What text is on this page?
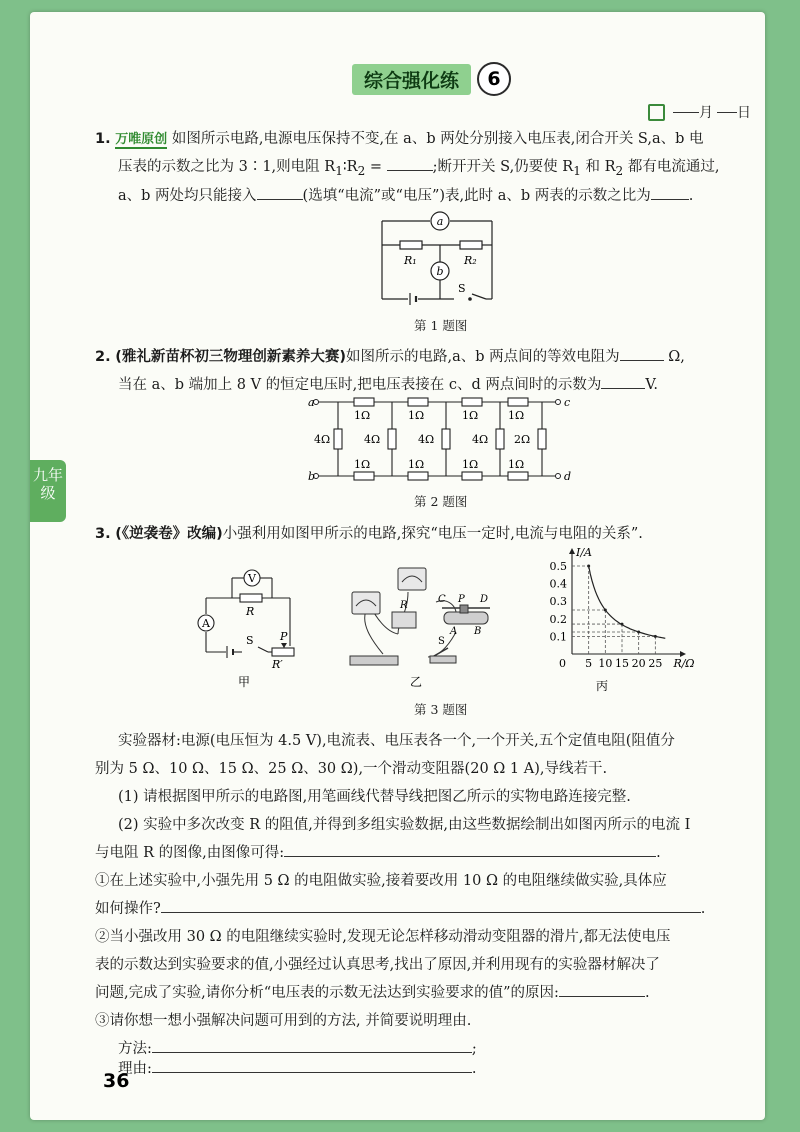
九年级
综合强化练	6
月 日
1. 万唯原创 如图所示电路,电源电压保持不变,在 a、b 两处分别接入电压表,闭合开关 S,a、b 电
压表的示数之比为 3∶1,则电阻 $R_1∶R_2$ =	;断开开关 S,仍要使 $R_1$ 和 $R_2$ 都有电流通过,
a、b 两处均只能接入	(选填“电流”或“电压”)表,此时 a、b 两表的示数之比为	.
a
b
R₁	R₂
S
第 1 题图
2. (雅礼新苗杯初三物理创新素养大赛)如图所示的电路,a、b 两点间的等效电阻为	Ω,
当在 a、b 端加上 8 V 的恒定电压时,把电压表接在 c、d 两点间时的示数为	V.
a
b
c
d
1Ω	1Ω	1Ω	1Ω
1Ω	1Ω	1Ω	1Ω
4Ω	4Ω	4Ω	4Ω 2Ω
第 2 题图
3. (《逆袭卷》改编)小强利用如图甲所示的电路,探究“电压一定时,电流与电阻的关系”.
V
A
R
P
R′
S
甲
R
C P D
A B
S
乙
5 10 15 20 25
0.5
0.4
0.3
0.2
0.1
0	R/Ω
I/A
丙
第 3 题图
实验器材:电源(电压恒为 4.5 V),电流表、电压表各一个,一个开关,五个定值电阻(阻值分
别为 5 Ω、10 Ω、15 Ω、25 Ω、30 Ω),一个滑动变阻器(20 Ω 1 A),导线若干.
(1) 请根据图甲所示的电路图,用笔画线代替导线把图乙所示的实物电路连接完整.
(2) 实验中多次改变 R 的阻值,并得到多组实验数据,由这些数据绘制出如图丙所示的电流 I
与电阻 R 的图像,由图像可得:	.
①在上述实验中,小强先用 5 Ω 的电阻做实验,接着要改用 10 Ω 的电阻继续做实验,具体应
如何操作?	.
②当小强改用 30 Ω 的电阻继续实验时,发现无论怎样移动滑动变阻器的滑片,都无法使电压
表的示数达到实验要求的值,小强经过认真思考,找出了原因,并利用现有的实验器材解决了
问题,完成了实验,请你分析“电压表的示数无法达到实验要求的值”的原因:	.
③请你想一想小强解决问题可用到的方法, 并简要说明理由.
方法:	;
理由:	.
36
